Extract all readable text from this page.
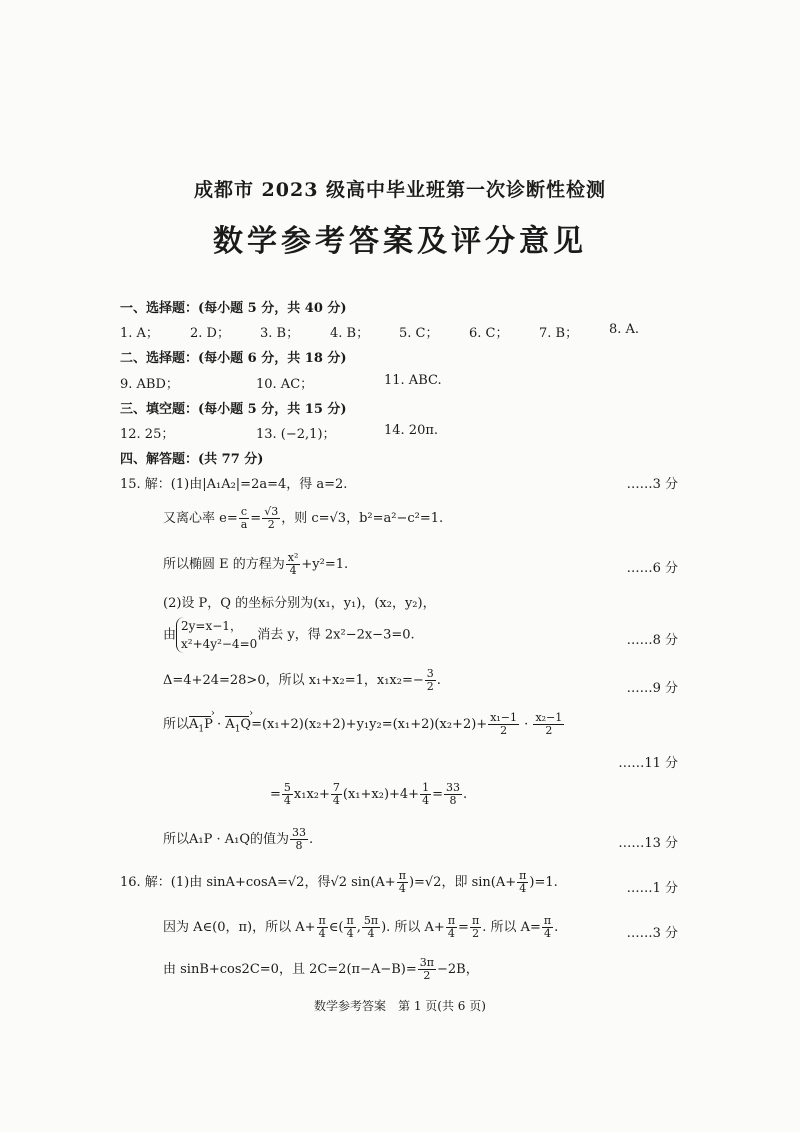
成都市 2023 级高中毕业班第一次诊断性检测
数学参考答案及评分意见
一、选择题：(每小题 5 分，共 40 分)
1. A； 2. D； 3. B； 4. B； 5. C； 6. C； 7. B； 8. A.
二、选择题：(每小题 6 分，共 18 分)
9. ABD；	10. AC；	11. ABC.
三、填空题：(每小题 5 分，共 15 分)
12. 25；	13. (−2,1)；	14. 20π.
四、解答题：(共 77 分)
15. 解：(1)由|A₁A₂|=2a=4，得 a=2.	……3 分
又离心率 $e= \frac{c}{a} = \frac{√3}{2}$ ，则 c=√3，b²=a²−c²=1.
所以椭圆 E 的方程为 $\frac{\text{x²}}{4} +y^2=1$.	……6 分
(2)设 P，Q 的坐标分别为(x₁，y₁)，(x₂，y₂)，
由
2y=x−1，
x²+4y²−4=0
消去 y，得 2x²−2x−3=0.	……8 分
Δ=4+24=28>0，所以 x₁+x₂=1，$x_1x_2=- \frac{3}{2}$ .
……9 分
所以$A_1P$ › · $A_1Q$ ›=(x₁+2)(x₂+2)+y₁y₂=(x₁+2)(x₂+2)+ $\frac{\text{x₁−1}}{2} \cdot \frac{\text{x₂−1}}{2}$
……11 分
= $\frac{5}{4} x_1x_2+ \frac{7}{4} (x_1+x_2)+4+ \frac{1}{4} = \frac{33}{8}$ .
所以A₁P · A₁Q的值为 $\frac{33}{8}$ .	……13 分
16. 解：(1)由 sinA+cosA=√2，得√2 $\sin(A+ \frac{\pi}{4} )=√2$，即 $\sin(A+ \frac{\pi}{4} )=1$.	……1 分
因为 A∈(0，π)，所以 $A+ \frac{\pi}{4}$ ∈( $\frac{\pi}{4}$ , $\frac{5\pi}{4}$ ). 所以 $A+ \frac{\pi}{4} = \frac{\pi}{2}$ . 所以 $A= \frac{\pi}{4}$ .	……3 分
由 sinB+cos2C=0，且 $2C=2(\pi-A-B)= \frac{3\pi}{2} -2B$，
数学参考答案　第 1 页(共 6 页)
